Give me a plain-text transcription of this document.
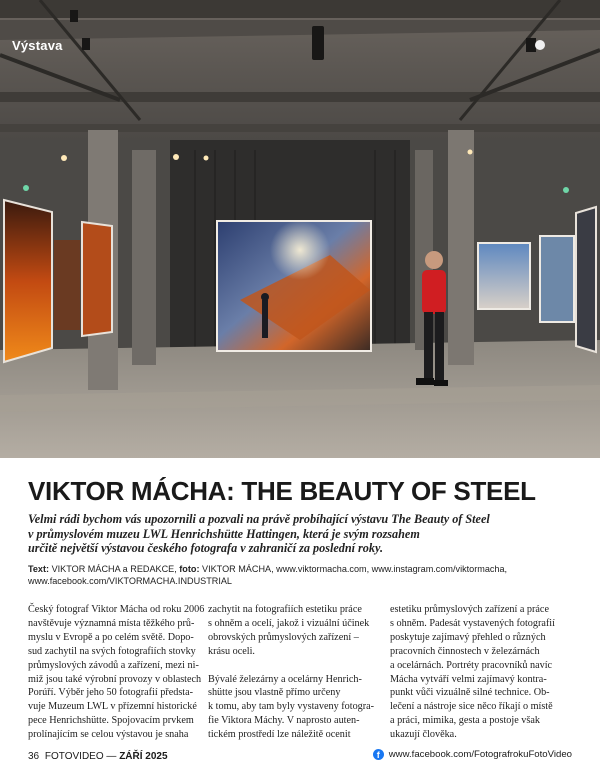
Výstava
VIKTOR MÁCHA: THE BEAUTY OF STEEL
Velmi rádi bychom vás upozornili a pozvali na právě probíhající výstavu The Beauty of Steel
v průmyslovém muzeu LWL Henrichshütte Hattingen, která je svým rozsahem
určitě největší výstavou českého fotografa v zahraničí za poslední roky.
Text: VIKTOR MÁCHA a REDAKCE, foto: VIKTOR MÁCHA, www.viktormacha.com, www.instagram.com/viktormacha,
www.facebook.com/VIKTORMACHA.INDUSTRIAL
Český fotograf Viktor Mácha od roku 2006
navštěvuje významná místa těžkého prů-
myslu v Evropě a po celém světě. Dopo-
sud zachytil na svých fotografiích stovky
průmyslových závodů a zařízení, mezi ni-
miž jsou také výrobní provozy v oblastech
Porúří. Výběr jeho 50 fotografií předsta-
vuje Muzeum LWL v přízemní historické
pece Henrichshütte. Spojovacím prvkem
prolínajícím se celou výstavou je snaha
zachytit na fotografiích estetiku práce
s ohněm a ocelí, jakož i vizuální účinek
obrovských průmyslových zařízení –
krásu oceli.
Bývalé železárny a ocelárny Henrich-
shütte jsou vlastně přímo určeny
k tomu, aby tam byly vystaveny fotogra-
fie Viktora Máchy. V naprosto auten-
tickém prostředí lze náležitě ocenit
estetiku průmyslových zařízení a práce
s ohněm. Padesát vystavených fotografií
poskytuje zajímavý přehled o různých
pracovních činnostech v železárnách
a ocelárnách. Portréty pracovníků navíc
Mácha vytváří velmi zajímavý kontra-
punkt vůči vizuálně silné technice. Ob-
lečení a nástroje sice něco říkají o místě
a práci, mimika, gesta a postoje však
ukazují člověka.
36 FOTOVIDEO — ZÁŘÍ 2025	f www.facebook.com/FotografrokuFotoVideo
